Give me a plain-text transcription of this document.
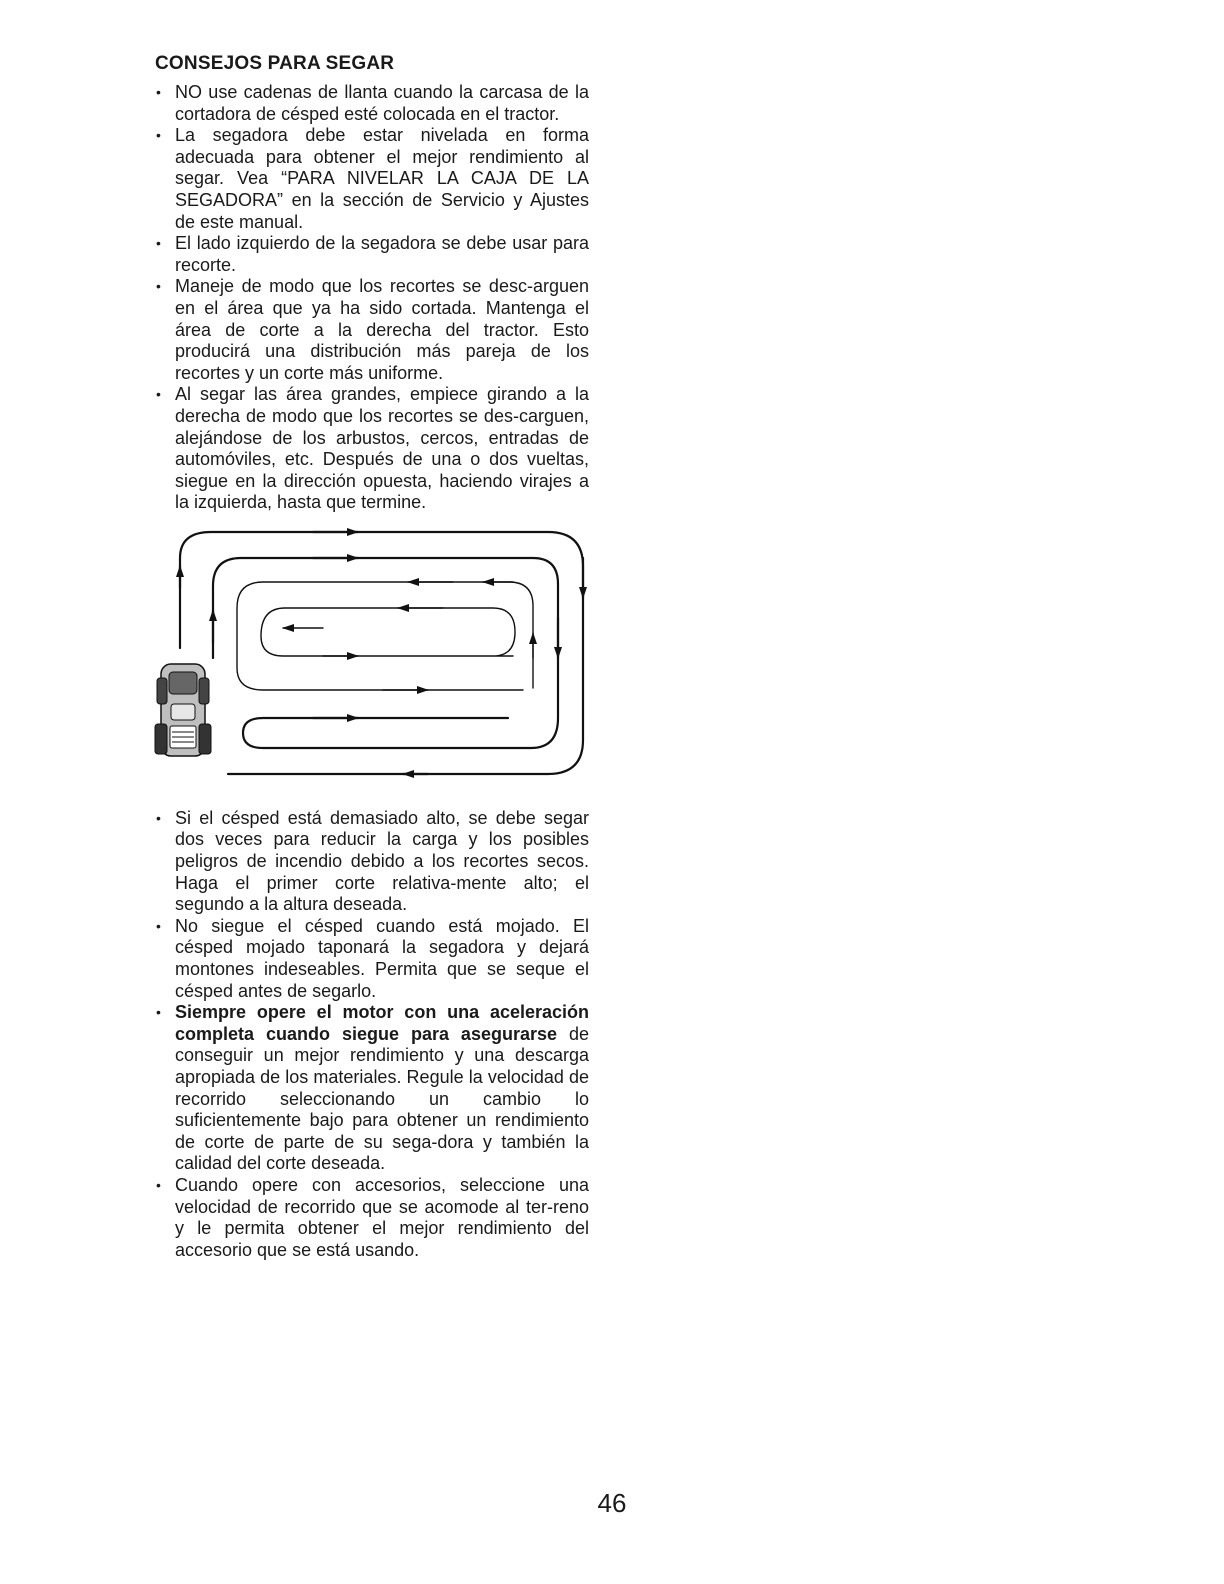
CONSEJOS PARA SEGAR
• NO use cadenas de llanta cuando la carcasa de la cortadora de césped esté colocada en el tractor.
• La segadora debe estar nivelada en forma adecuada para obtener el mejor rendimiento al segar. Vea “PARA NIVELAR LA CAJA DE LA SEGADORA” en la sección de Servicio y Ajustes de este manual.
• El lado izquierdo de la segadora se debe usar para recorte.
• Maneje de modo que los recortes se desc-arguen en el área que ya ha sido cortada. Mantenga el área de corte a la derecha del tractor. Esto producirá una distribución más pareja de los recortes y un corte más uniforme.
• Al segar las área grandes, empiece girando a la derecha de modo que los recortes se des-carguen, alejándose de los arbustos, cercos, entradas de automóviles, etc. Después de una o dos vueltas, siegue en la dirección opuesta, haciendo virajes a la izquierda, hasta que termine.
• Si el césped está demasiado alto, se debe segar dos veces para reducir la carga y los posibles peligros de incendio debido a los recortes secos. Haga el primer corte relativa-mente alto; el segundo a la altura deseada.
• No siegue el césped cuando está mojado. El césped mojado taponará la segadora y dejará montones indeseables. Permita que se seque el césped antes de segarlo.
• Siempre opere el motor con una aceleración completa cuando siegue para asegurarse de conseguir un mejor rendimiento y una descarga apropiada de los materiales. Regule la velocidad de recorrido seleccionando un cambio lo suficientemente bajo para obtener un rendimiento de corte de parte de su sega-dora y también la calidad del corte deseada.
• Cuando opere con accesorios, seleccione una velocidad de recorrido que se acomode al ter-reno y le permita obtener el mejor rendimiento del accesorio que se está usando.
46
